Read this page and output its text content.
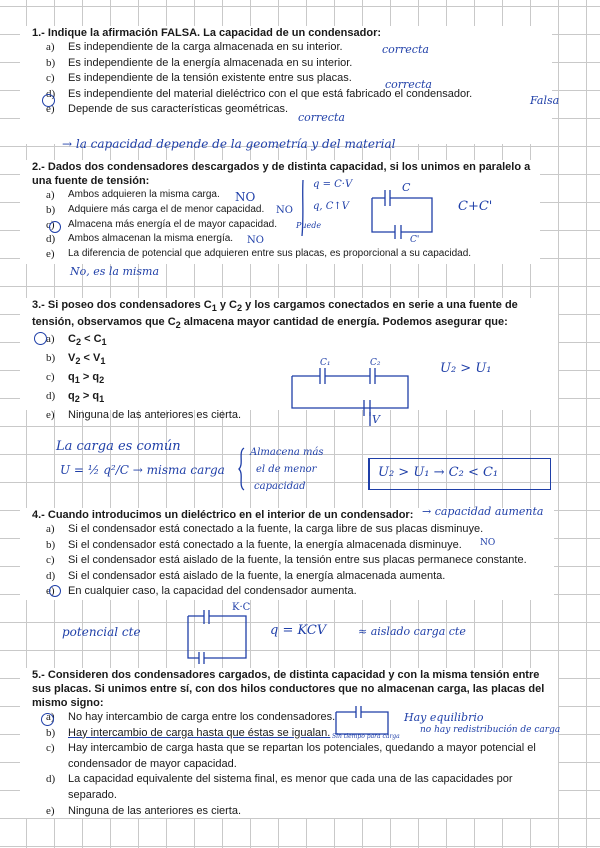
1.- Indique la afirmación FALSA. La capacidad de un condensador:
a) Es independiente de la carga almacenada en su interior.
b) Es independiente de la energía almacenada en su interior.
c) Es independiente de la tensión existente entre sus placas.
d) Es independiente del material dieléctrico con el que está fabricado el condensador.
e) Depende de sus características geométricas.
correcta
correcta
Falsa
correcta
→ la capacidad depende de la geometría y del material
2.- Dados dos condensadores descargados y de distinta capacidad, si los unimos en paralelo a una fuente de tensión:
a) Ambos adquieren la misma carga.
b) Adquiere más carga el de menor capacidad.
c) Almacena más energía el de mayor capacidad.
d) Ambos almacenan la misma energía.
e) La diferencia de potencial que adquieren entre sus placas, es proporcional a su capacidad.
NO
NO
Puede
NO
q = C·V
q, C↑V
C
C'
C+C'
No, es la misma
3.- Si poseo dos condensadores $C_1$ y $C_2$ y los cargamos conectados en serie a una fuente de tensión, observamos que $C_2$ almacena mayor cantidad de energía. Podemos asegurar que:
a) $C_2 < C_1$
b) $V_2 < V_1$
c) $q_1 > q_2$
d) $q_2 > q_1$
e) Ninguna de las anteriores es cierta.
C₁	C₂
V
U₂ > U₁
La carga es común
U = ½ q²/C → misma carga
Almacena más
el de menor
capacidad
U₂ > U₁ → C₂ < C₁
4.- Cuando introducimos un dieléctrico en el interior de un condensador:
a) Si el condensador está conectado a la fuente, la carga libre de sus placas disminuye.
b) Si el condensador está conectado a la fuente, la energía almacenada disminuye.
c) Si el condensador está aislado de la fuente, la tensión entre sus placas permanece constante.
d) Si el condensador está aislado de la fuente, la energía almacenada aumenta.
e) En cualquier caso, la capacidad del condensador aumenta.
→ capacidad aumenta
NO
potencial cte
K·C
q = KCV	≈ aislado carga cte
5.- Consideren dos condensadores cargados, de distinta capacidad y con la misma tensión entre sus placas. Si unimos entre sí, con dos hilos conductores que no almacenan carga, las placas del mismo signo:
a) No hay intercambio de carga entre los condensadores.
b) Hay intercambio de carga hasta que éstas se igualan.
c) Hay intercambio de carga hasta que se repartan los potenciales, quedando a mayor potencial el condensador de mayor capacidad.
d) La capacidad equivalente del sistema final, es menor que cada una de las capacidades por separado.
e) Ninguna de las anteriores es cierta.
Hay equilibrio
no hay redistribución de carga
Sin tiempo para carga
